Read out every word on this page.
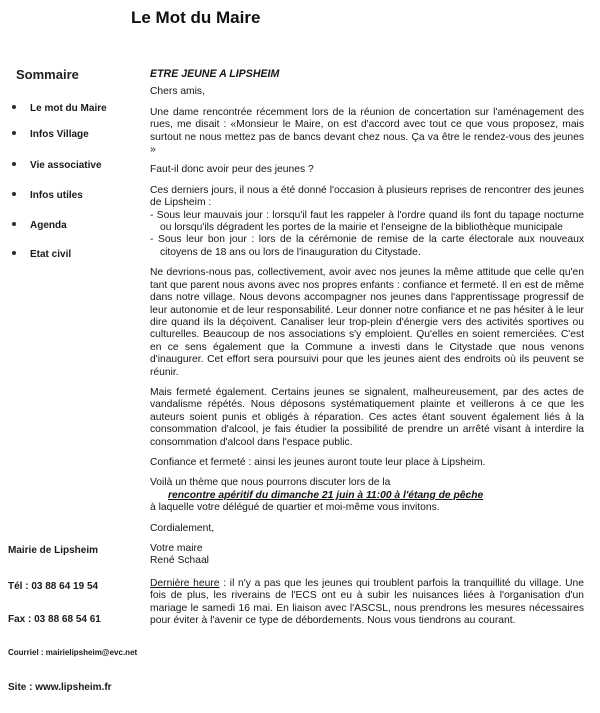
Le Mot du Maire
Sommaire
Le mot du Maire
Infos Village
Vie associative
Infos utiles
Agenda
Etat civil
Mairie de Lipsheim
Tél : 03 88 64 19 54
Fax : 03 88 68 54 61
Courriel : mairielipsheim@evc.net
Site : www.lipsheim.fr
ETRE JEUNE A LIPSHEIM

Chers amis,

Une dame rencontrée récemment lors de la réunion de concertation sur l'aménagement des rues, me disait : «Monsieur le Maire, on est d'accord avec tout ce que vous proposez, mais surtout ne nous mettez pas de bancs devant chez nous. Ça va être le rendez-vous des jeunes »

Faut-il donc avoir peur des jeunes ?

Ces derniers jours, il nous a été donné l'occasion à plusieurs reprises de rencontrer des jeunes de Lipsheim :

- Sous leur mauvais jour : lorsqu'il faut les rappeler à l'ordre quand ils font du tapage nocturne ou lorsqu'ils dégradent les portes de la mairie et l'enseigne de la bibliothèque municipale
- Sous leur bon jour : lors de la cérémonie de remise de la carte électorale aux nouveaux citoyens de 18 ans ou lors de l'inauguration du Citystade.

Ne devrions-nous pas, collectivement, avoir avec nos jeunes la même attitude que celle qu'en tant que parent nous avons avec nos propres enfants : confiance et fermeté. Il en est de même dans notre village. Nous devons accompagner nos jeunes dans l'apprentissage progressif de leur autonomie et de leur responsabilité. Leur donner notre confiance et ne pas hésiter à le leur dire quand ils la déçoivent. Canaliser leur trop-plein d'énergie vers des activités sportives ou culturelles. Beaucoup de nos associations s'y emploient. Qu'elles en soient remerciées. C'est en ce sens également que la Commune a investi dans le Citystade que nous venons d'inaugurer. Cet effort sera poursuivi pour que les jeunes aient des endroits où ils peuvent se réunir.

Mais fermeté également. Certains jeunes se signalent, malheureusement, par des actes de vandalisme répétés. Nous déposons systématiquement plainte et veillerons à ce que les auteurs soient punis et obligés à réparation. Ces actes étant souvent également liés à la consommation d'alcool, je fais étudier la possibilité de prendre un arrêté visant à interdire la consommation d'alcool dans l'espace public.

Confiance et fermeté : ainsi les jeunes auront toute leur place à Lipsheim.

Voilà un thème que nous pourrons discuter lors de la
rencontre apéritif du dimanche 21 juin à 11:00 à l'étang de pêche
à laquelle votre délégué de quartier et moi-même vous invitons.

Cordialement,

Votre maire
René Schaal

Dernière heure : il n'y a pas que les jeunes qui troublent parfois la tranquillité du village. Une fois de plus, les riverains de l'ECS ont eu à subir les nuisances liées à l'organisation d'un mariage le samedi 16 mai. En liaison avec l'ASCSL, nous prendrons les mesures nécessaires pour éviter à l'avenir ce type de débordements. Nous vous tiendrons au courant.
